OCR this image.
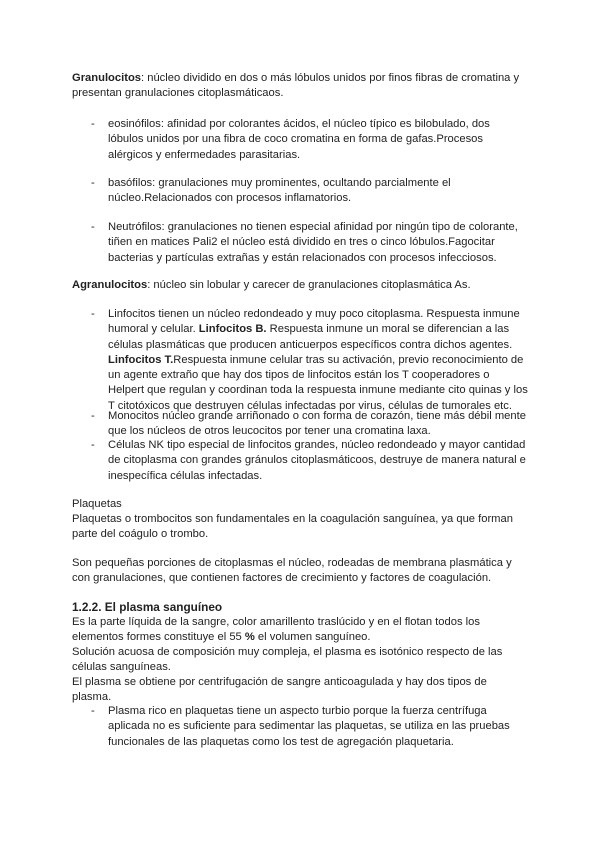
Granulocitos: núcleo dividido en dos o más lóbulos unidos por finos fibras de cromatina y presentan granulaciones citoplasmáticaos.

- eosinófilos: afinidad por colorantes ácidos, el núcleo típico es bilobulado, dos lóbulos unidos por una fibra de coco cromatina en forma de gafas.Procesos alérgicos y enfermedades parasitarias.

- basófilos: granulaciones muy prominentes, ocultando parcialmente el núcleo.Relacionados con procesos inflamatorios.

- Neutrófilos: granulaciones no tienen especial afinidad por ningún tipo de colorante, tiñen en matices Pali2 el núcleo está dividido en tres o cinco lóbulos.Fagocitar bacterias y partículas extrañas y están relacionados con procesos infecciosos.

Agranulocitos: núcleo sin lobular y carecer de granulaciones citoplasmática As.

- Linfocitos tienen un núcleo redondeado y muy poco citoplasma. Respuesta inmune humoral y celular. Linfocitos B. Respuesta inmune un moral se diferencian a las células plasmáticas que producen anticuerpos específicos contra dichos agentes. Linfocitos T.Respuesta inmune celular tras su activación, previo reconocimiento de un agente extraño que hay dos tipos de linfocitos están los T cooperadores o Helpert que regulan y coordinan toda la respuesta inmune mediante cito quinas y los T citotóxicos que destruyen células infectadas por virus, células de tumorales etc.

- Monocitos núcleo grande arriñonado o con forma de corazón, tiene más débil mente que los núcleos de otros leucocitos por tener una cromatina laxa.

- Células NK tipo especial de linfocitos grandes, núcleo redondeado y mayor cantidad de citoplasma con grandes gránulos citoplasmáticoos, destruye de manera natural e inespecífica células infectadas.

Plaquetas

Plaquetas o trombocitos son fundamentales en la coagulación sanguínea, ya que forman parte del coágulo o trombo.

Son pequeñas porciones de citoplasmas el núcleo, rodeadas de membrana plasmática y con granulaciones, que contienen factores de crecimiento y factores de coagulación.

1.2.2. El plasma sanguíneo

Es la parte líquida de la sangre, color amarillento traslúcido y en el flotan todos los elementos formes constituye el 55 % el volumen sanguíneo.

Solución acuosa de composición muy compleja, el plasma es isotónico respecto de las células sanguíneas.

El plasma se obtiene por centrifugación de sangre anticoagulada y hay dos tipos de plasma.

- Plasma rico en plaquetas tiene un aspecto turbio porque la fuerza centrífuga aplicada no es suficiente para sedimentar las plaquetas, se utiliza en las pruebas funcionales de las plaquetas como los test de agregación plaquetaria.
